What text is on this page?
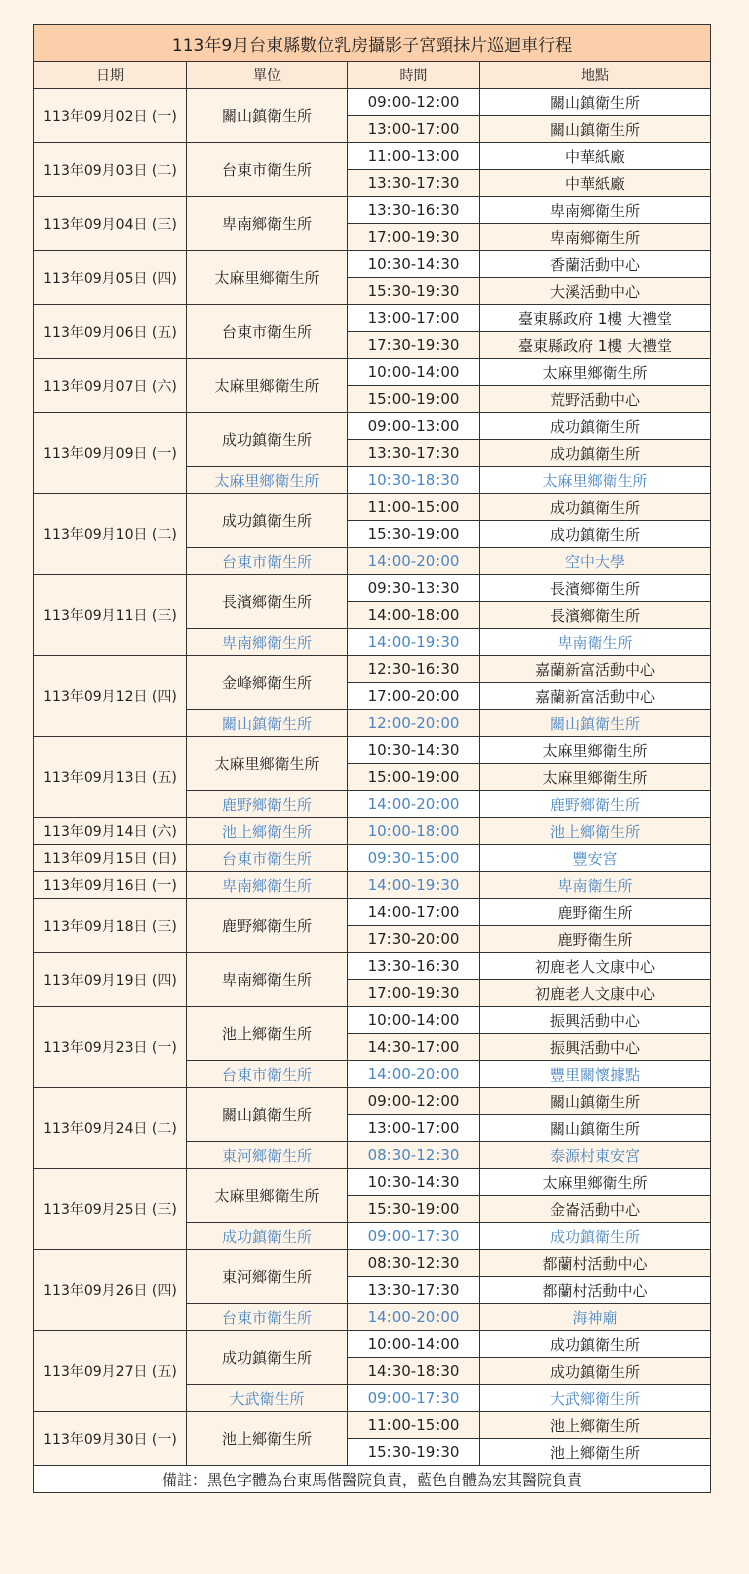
113年9月台東縣數位乳房攝影子宮頸抹片巡迴車行程			
日期	單位	時間	地點
113年09月02日 (一)	關山鎮衛生所	09:00-12:00	關山鎮衛生所
		13:00-17:00	關山鎮衛生所
113年09月03日 (二)	台東市衛生所	11:00-13:00	中華紙廠
		13:30-17:30	中華紙廠
113年09月04日 (三)	卑南鄉衛生所	13:30-16:30	卑南鄉衛生所
		17:00-19:30	卑南鄉衛生所
113年09月05日 (四)	太麻里鄉衛生所	10:30-14:30	香蘭活動中心
		15:30-19:30	大溪活動中心
113年09月06日 (五)	台東市衛生所	13:00-17:00	臺東縣政府 1樓 大禮堂
		17:30-19:30	臺東縣政府 1樓 大禮堂
113年09月07日 (六)	太麻里鄉衛生所	10:00-14:00	太麻里鄉衛生所
		15:00-19:00	荒野活動中心
113年09月09日 (一)	成功鎮衛生所	09:00-13:00	成功鎮衛生所
		13:30-17:30	成功鎮衛生所
	太麻里鄉衛生所	10:30-18:30	太麻里鄉衛生所
113年09月10日 (二)	成功鎮衛生所	11:00-15:00	成功鎮衛生所
		15:30-19:00	成功鎮衛生所
	台東市衛生所	14:00-20:00	空中大學
113年09月11日 (三)	長濱鄉衛生所	09:30-13:30	長濱鄉衛生所
		14:00-18:00	長濱鄉衛生所
	卑南鄉衛生所	14:00-19:30	卑南衛生所
113年09月12日 (四)	金峰鄉衛生所	12:30-16:30	嘉蘭新富活動中心
		17:00-20:00	嘉蘭新富活動中心
	關山鎮衛生所	12:00-20:00	關山鎮衛生所
113年09月13日 (五)	太麻里鄉衛生所	10:30-14:30	太麻里鄉衛生所
		15:00-19:00	太麻里鄉衛生所
	鹿野鄉衛生所	14:00-20:00	鹿野鄉衛生所
113年09月14日 (六)	池上鄉衛生所	10:00-18:00	池上鄉衛生所
113年09月15日 (日)	台東市衛生所	09:30-15:00	豐安宮
113年09月16日 (一)	卑南鄉衛生所	14:00-19:30	卑南衛生所
113年09月18日 (三)	鹿野鄉衛生所	14:00-17:00	鹿野衛生所
		17:30-20:00	鹿野衛生所
113年09月19日 (四)	卑南鄉衛生所	13:30-16:30	初鹿老人文康中心
		17:00-19:30	初鹿老人文康中心
113年09月23日 (一)	池上鄉衛生所	10:00-14:00	振興活動中心
		14:30-17:00	振興活動中心
	台東市衛生所	14:00-20:00	豐里關懷據點
113年09月24日 (二)	關山鎮衛生所	09:00-12:00	關山鎮衛生所
		13:00-17:00	關山鎮衛生所
	東河鄉衛生所	08:30-12:30	泰源村東安宮
113年09月25日 (三)	太麻里鄉衛生所	10:30-14:30	太麻里鄉衛生所
		15:30-19:00	金崙活動中心
	成功鎮衛生所	09:00-17:30	成功鎮衛生所
113年09月26日 (四)	東河鄉衛生所	08:30-12:30	都蘭村活動中心
		13:30-17:30	都蘭村活動中心
	台東市衛生所	14:00-20:00	海神廟
113年09月27日 (五)	成功鎮衛生所	10:00-14:00	成功鎮衛生所
		14:30-18:30	成功鎮衛生所
	大武衛生所	09:00-17:30	大武鄉衛生所
113年09月30日 (一)	池上鄉衛生所	11:00-15:00	池上鄉衛生所
		15:30-19:30	池上鄉衛生所
備註：黑色字體為台東馬偕醫院負責，藍色自體為宏其醫院負責			
